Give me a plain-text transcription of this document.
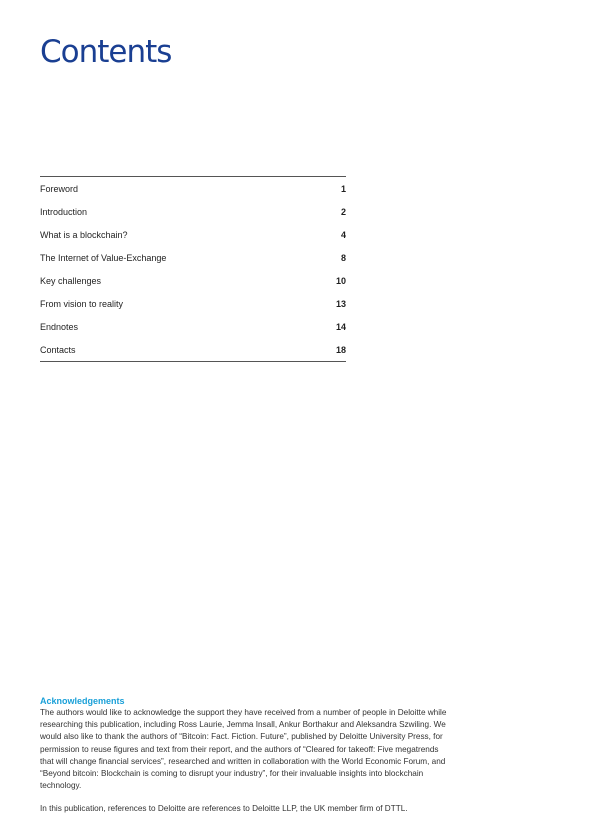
Contents
Foreword	1
Introduction	2
What is a blockchain?	4
The Internet of Value-Exchange	8
Key challenges	10
From vision to reality	13
Endnotes	14
Contacts	18
Acknowledgements

The authors would like to acknowledge the support they have received from a number of people in Deloitte while researching this publication, including Ross Laurie, Jemma Insall, Ankur Borthakur and Aleksandra Szwiling. We would also like to thank the authors of “Bitcoin: Fact. Fiction. Future”, published by Deloitte University Press, for permission to reuse figures and text from their report, and the authors of “Cleared for takeoff: Five megatrends that will change financial services”, researched and written in collaboration with the World Economic Forum, and “Beyond bitcoin: Blockchain is coming to disrupt your industry”, for their invaluable insights into blockchain technology.

In this publication, references to Deloitte are references to Deloitte LLP, the UK member firm of DTTL.
